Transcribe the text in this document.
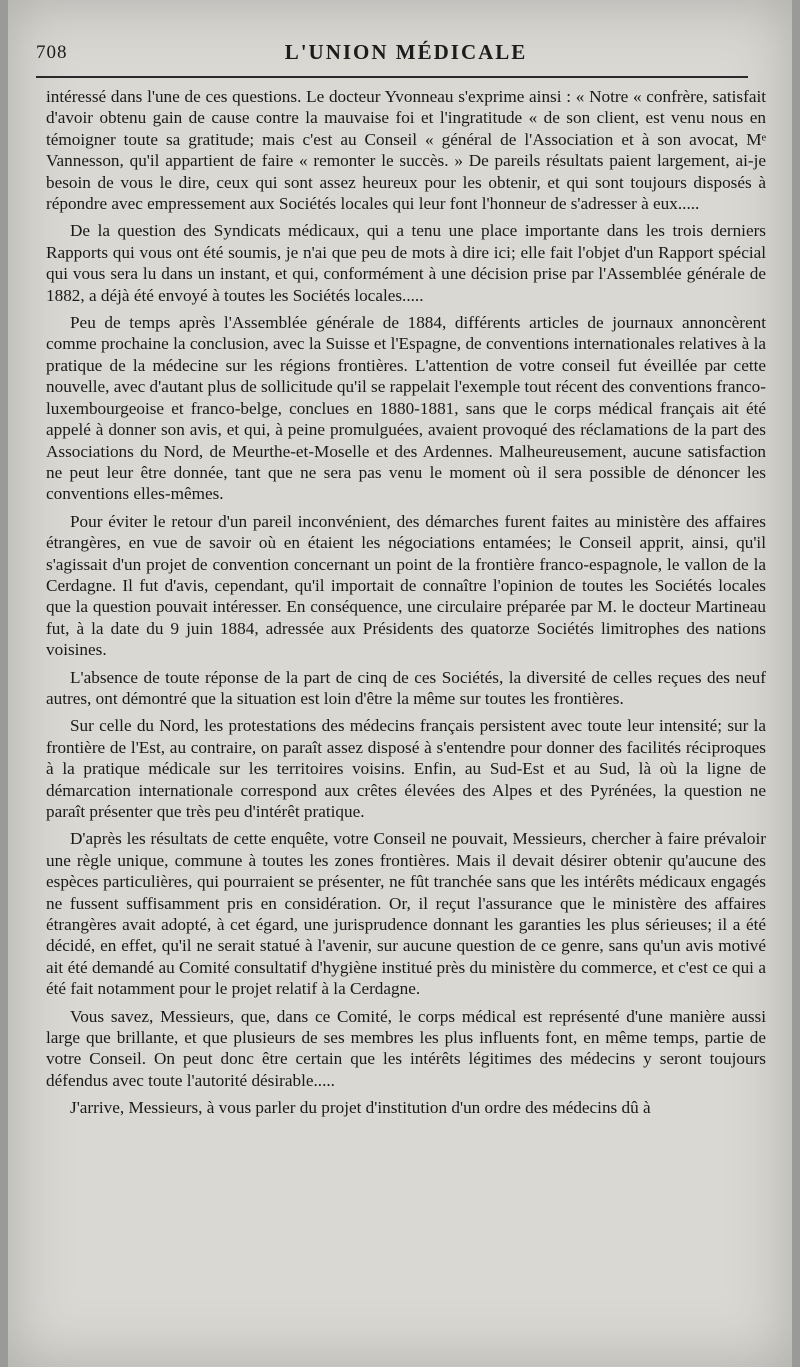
708	L'UNION MÉDICALE

intéressé dans l'une de ces questions. Le docteur Yvonneau s'exprime ainsi : « Notre « confrère, satisfait d'avoir obtenu gain de cause contre la mauvaise foi et l'ingratitude « de son client, est venu nous en témoigner toute sa gratitude; mais c'est au Conseil « général de l'Association et à son avocat, Mᵉ Vannesson, qu'il appartient de faire « remonter le succès. » De pareils résultats paient largement, ai-je besoin de vous le dire, ceux qui sont assez heureux pour les obtenir, et qui sont toujours disposés à répondre avec empressement aux Sociétés locales qui leur font l'honneur de s'adresser à eux.....

De la question des Syndicats médicaux, qui a tenu une place importante dans les trois derniers Rapports qui vous ont été soumis, je n'ai que peu de mots à dire ici; elle fait l'objet d'un Rapport spécial qui vous sera lu dans un instant, et qui, conformément à une décision prise par l'Assemblée générale de 1882, a déjà été envoyé à toutes les Sociétés locales.....

Peu de temps après l'Assemblée générale de 1884, différents articles de journaux annoncèrent comme prochaine la conclusion, avec la Suisse et l'Espagne, de conventions internationales relatives à la pratique de la médecine sur les régions frontières. L'attention de votre conseil fut éveillée par cette nouvelle, avec d'autant plus de sollicitude qu'il se rappelait l'exemple tout récent des conventions franco-luxembourgeoise et franco-belge, conclues en 1880-1881, sans que le corps médical français ait été appelé à donner son avis, et qui, à peine promulguées, avaient provoqué des réclamations de la part des Associations du Nord, de Meurthe-et-Moselle et des Ardennes. Malheureusement, aucune satisfaction ne peut leur être donnée, tant que ne sera pas venu le moment où il sera possible de dénoncer les conventions elles-mêmes.

Pour éviter le retour d'un pareil inconvénient, des démarches furent faites au ministère des affaires étrangères, en vue de savoir où en étaient les négociations entamées; le Conseil apprit, ainsi, qu'il s'agissait d'un projet de convention concernant un point de la frontière franco-espagnole, le vallon de la Cerdagne. Il fut d'avis, cependant, qu'il importait de connaître l'opinion de toutes les Sociétés locales que la question pouvait intéresser. En conséquence, une circulaire préparée par M. le docteur Martineau fut, à la date du 9 juin 1884, adressée aux Présidents des quatorze Sociétés limitrophes des nations voisines.

L'absence de toute réponse de la part de cinq de ces Sociétés, la diversité de celles reçues des neuf autres, ont démontré que la situation est loin d'être la même sur toutes les frontières.

Sur celle du Nord, les protestations des médecins français persistent avec toute leur intensité; sur la frontière de l'Est, au contraire, on paraît assez disposé à s'entendre pour donner des facilités réciproques à la pratique médicale sur les territoires voisins. Enfin, au Sud-Est et au Sud, là où la ligne de démarcation internationale correspond aux crêtes élevées des Alpes et des Pyrénées, la question ne paraît présenter que très peu d'intérêt pratique.

D'après les résultats de cette enquête, votre Conseil ne pouvait, Messieurs, chercher à faire prévaloir une règle unique, commune à toutes les zones frontières. Mais il devait désirer obtenir qu'aucune des espèces particulières, qui pourraient se présenter, ne fût tranchée sans que les intérêts médicaux engagés ne fussent suffisamment pris en considération. Or, il reçut l'assurance que le ministère des affaires étrangères avait adopté, à cet égard, une jurisprudence donnant les garanties les plus sérieuses; il a été décidé, en effet, qu'il ne serait statué à l'avenir, sur aucune question de ce genre, sans qu'un avis motivé ait été demandé au Comité consultatif d'hygiène institué près du ministère du commerce, et c'est ce qui a été fait notamment pour le projet relatif à la Cerdagne.

Vous savez, Messieurs, que, dans ce Comité, le corps médical est représenté d'une manière aussi large que brillante, et que plusieurs de ses membres les plus influents font, en même temps, partie de votre Conseil. On peut donc être certain que les intérêts légitimes des médecins y seront toujours défendus avec toute l'autorité désirable.....

J'arrive, Messieurs, à vous parler du projet d'institution d'un ordre des médecins dû à
